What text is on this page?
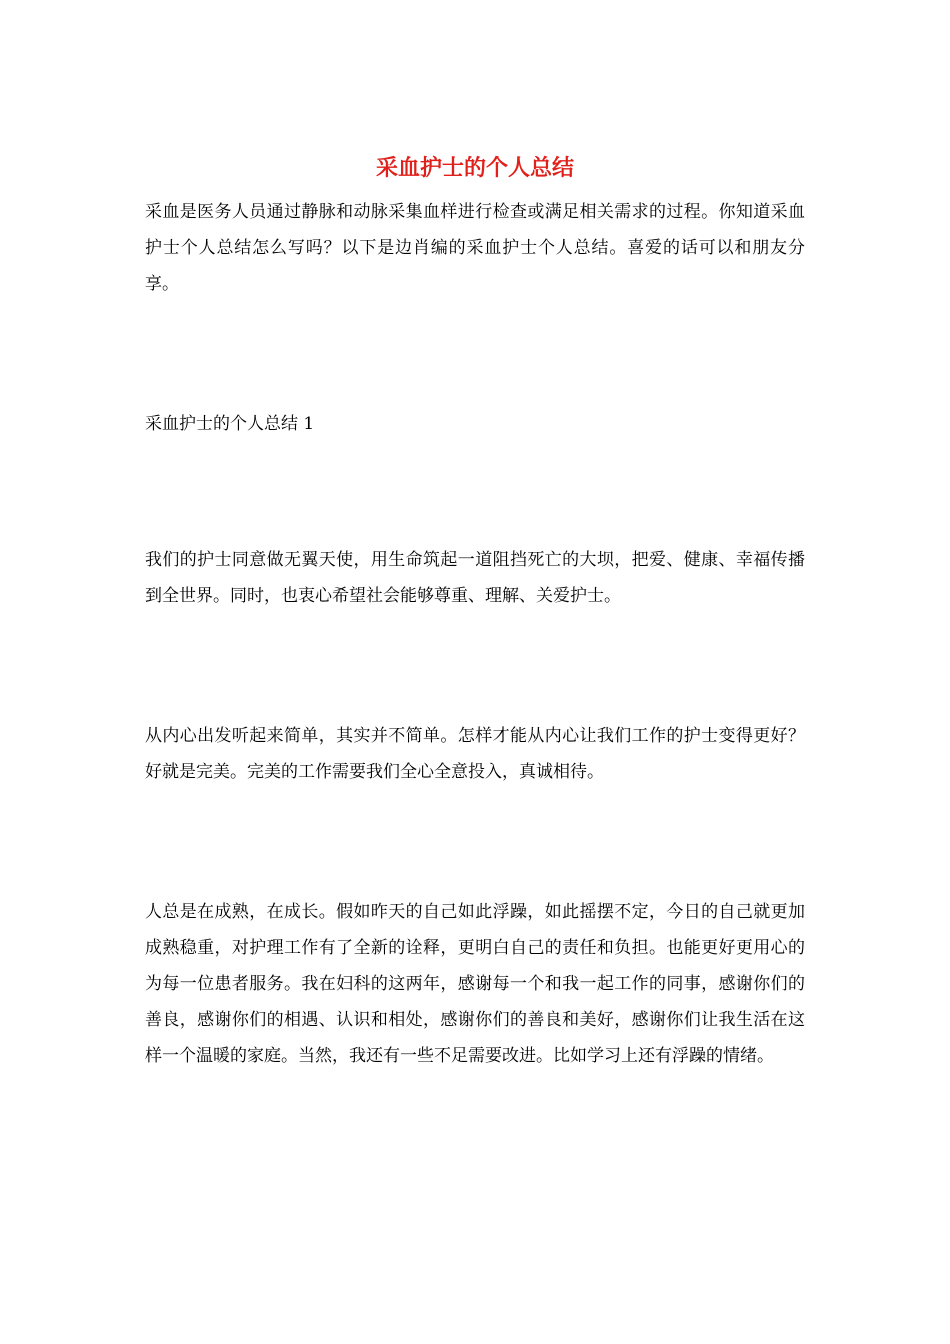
采血护士的个人总结

采血是医务人员通过静脉和动脉采集血样进行检查或满足相关需求的过程。你知道采血护士个人总结怎么写吗？以下是边肖编的采血护士个人总结。喜爱的话可以和朋友分享。

采血护士的个人总结 1

我们的护士同意做无翼天使，用生命筑起一道阻挡死亡的大坝，把爱、健康、幸福传播到全世界。同时，也衷心希望社会能够尊重、理解、关爱护士。

从内心出发听起来简单，其实并不简单。怎样才能从内心让我们工作的护士变得更好？好就是完美。完美的工作需要我们全心全意投入，真诚相待。

人总是在成熟，在成长。假如昨天的自己如此浮躁，如此摇摆不定，今日的自己就更加成熟稳重，对护理工作有了全新的诠释，更明白自己的责任和负担。也能更好更用心的为每一位患者服务。我在妇科的这两年，感谢每一个和我一起工作的同事，感谢你们的善良，感谢你们的相遇、认识和相处，感谢你们的善良和美好，感谢你们让我生活在这样一个温暖的家庭。当然，我还有一些不足需要改进。比如学习上还有浮躁的情绪。
